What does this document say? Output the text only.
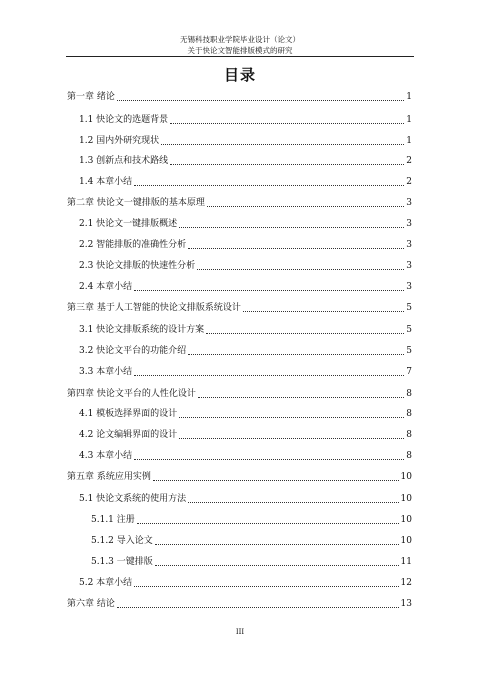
无锡科技职业学院毕业设计（论文）
关于快论文智能排版模式的研究
目录
第一章 绪论	1
1.1 快论文的选题背景	1
1.2 国内外研究现状	1
1.3 创新点和技术路线	2
1.4 本章小结	2
第二章 快论文一键排版的基本原理	3
2.1 快论文一键排版概述	3
2.2 智能排版的准确性分析	3
2.3 快论文排版的快速性分析	3
2.4 本章小结	3
第三章 基于人工智能的快论文排版系统设计	5
3.1 快论文排版系统的设计方案	5
3.2 快论文平台的功能介绍	5
3.3 本章小结	7
第四章 快论文平台的人性化设计	8
4.1 模板选择界面的设计	8
4.2 论文编辑界面的设计	8
4.3 本章小结	8
第五章 系统应用实例	10
5.1 快论文系统的使用方法	10
5.1.1 注册	10
5.1.2 导入论文	10
5.1.3 一键排版	11
5.2 本章小结	12
第六章 结论	13
III
